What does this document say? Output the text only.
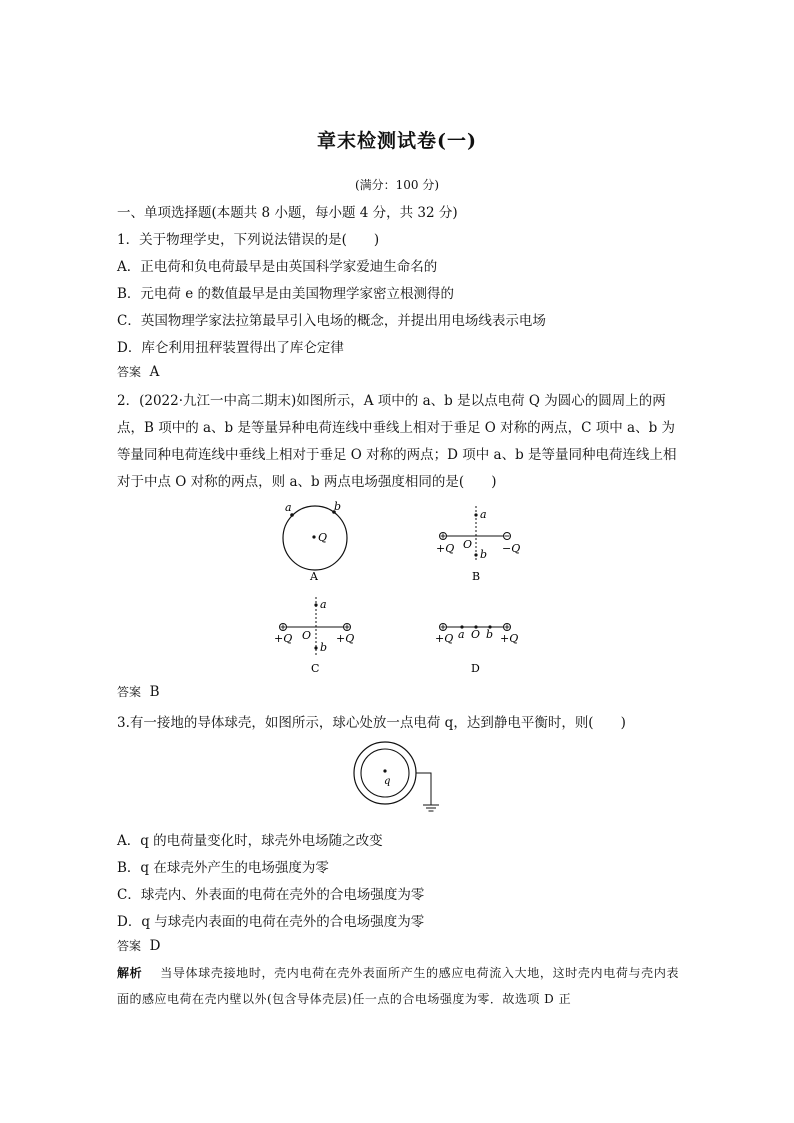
章末检测试卷(一)
(满分：100 分)
一、单项选择题(本题共 8 小题，每小题 4 分，共 32 分)
1．关于物理学史，下列说法错误的是(　　)
A．正电荷和负电荷最早是由英国科学家爱迪生命名的
B．元电荷 e 的数值最早是由美国物理学家密立根测得的
C．英国物理学家法拉第最早引入电场的概念，并提出用电场线表示电场
D．库仑利用扭秤装置得出了库仑定律
答案 A
2．(2022·九江一中高二期末)如图所示，A 项中的 a、b 是以点电荷 Q 为圆心的圆周上的两点，B 项中的 a、b 是等量异种电荷连线中垂线上相对于垂足 O 对称的两点，C 项中 a、b 为等量同种电荷连线中垂线上相对于垂足 O 对称的两点；D 项中 a、b 是等量同种电荷连线上相对于中点 O 对称的两点，则 a、b 两点电场强度相同的是(　　)
a	b
Q
A
a
b
O
+Q	−Q
B
a
b
O
+Q	+Q
C
+Q a O b +Q
D
答案 B
3.有一接地的导体球壳，如图所示，球心处放一点电荷 q，达到静电平衡时，则(　　)
q
A．q 的电荷量变化时，球壳外电场随之改变
B．q 在球壳外产生的电场强度为零
C．球壳内、外表面的电荷在壳外的合电场强度为零
D．q 与球壳内表面的电荷在壳外的合电场强度为零
答案 D
解析 当导体球壳接地时，壳内电荷在壳外表面所产生的感应电荷流入大地，这时壳内电荷与壳内表面的感应电荷在壳内壁以外(包含导体壳层)任一点的合电场强度为零．故选项 D 正
